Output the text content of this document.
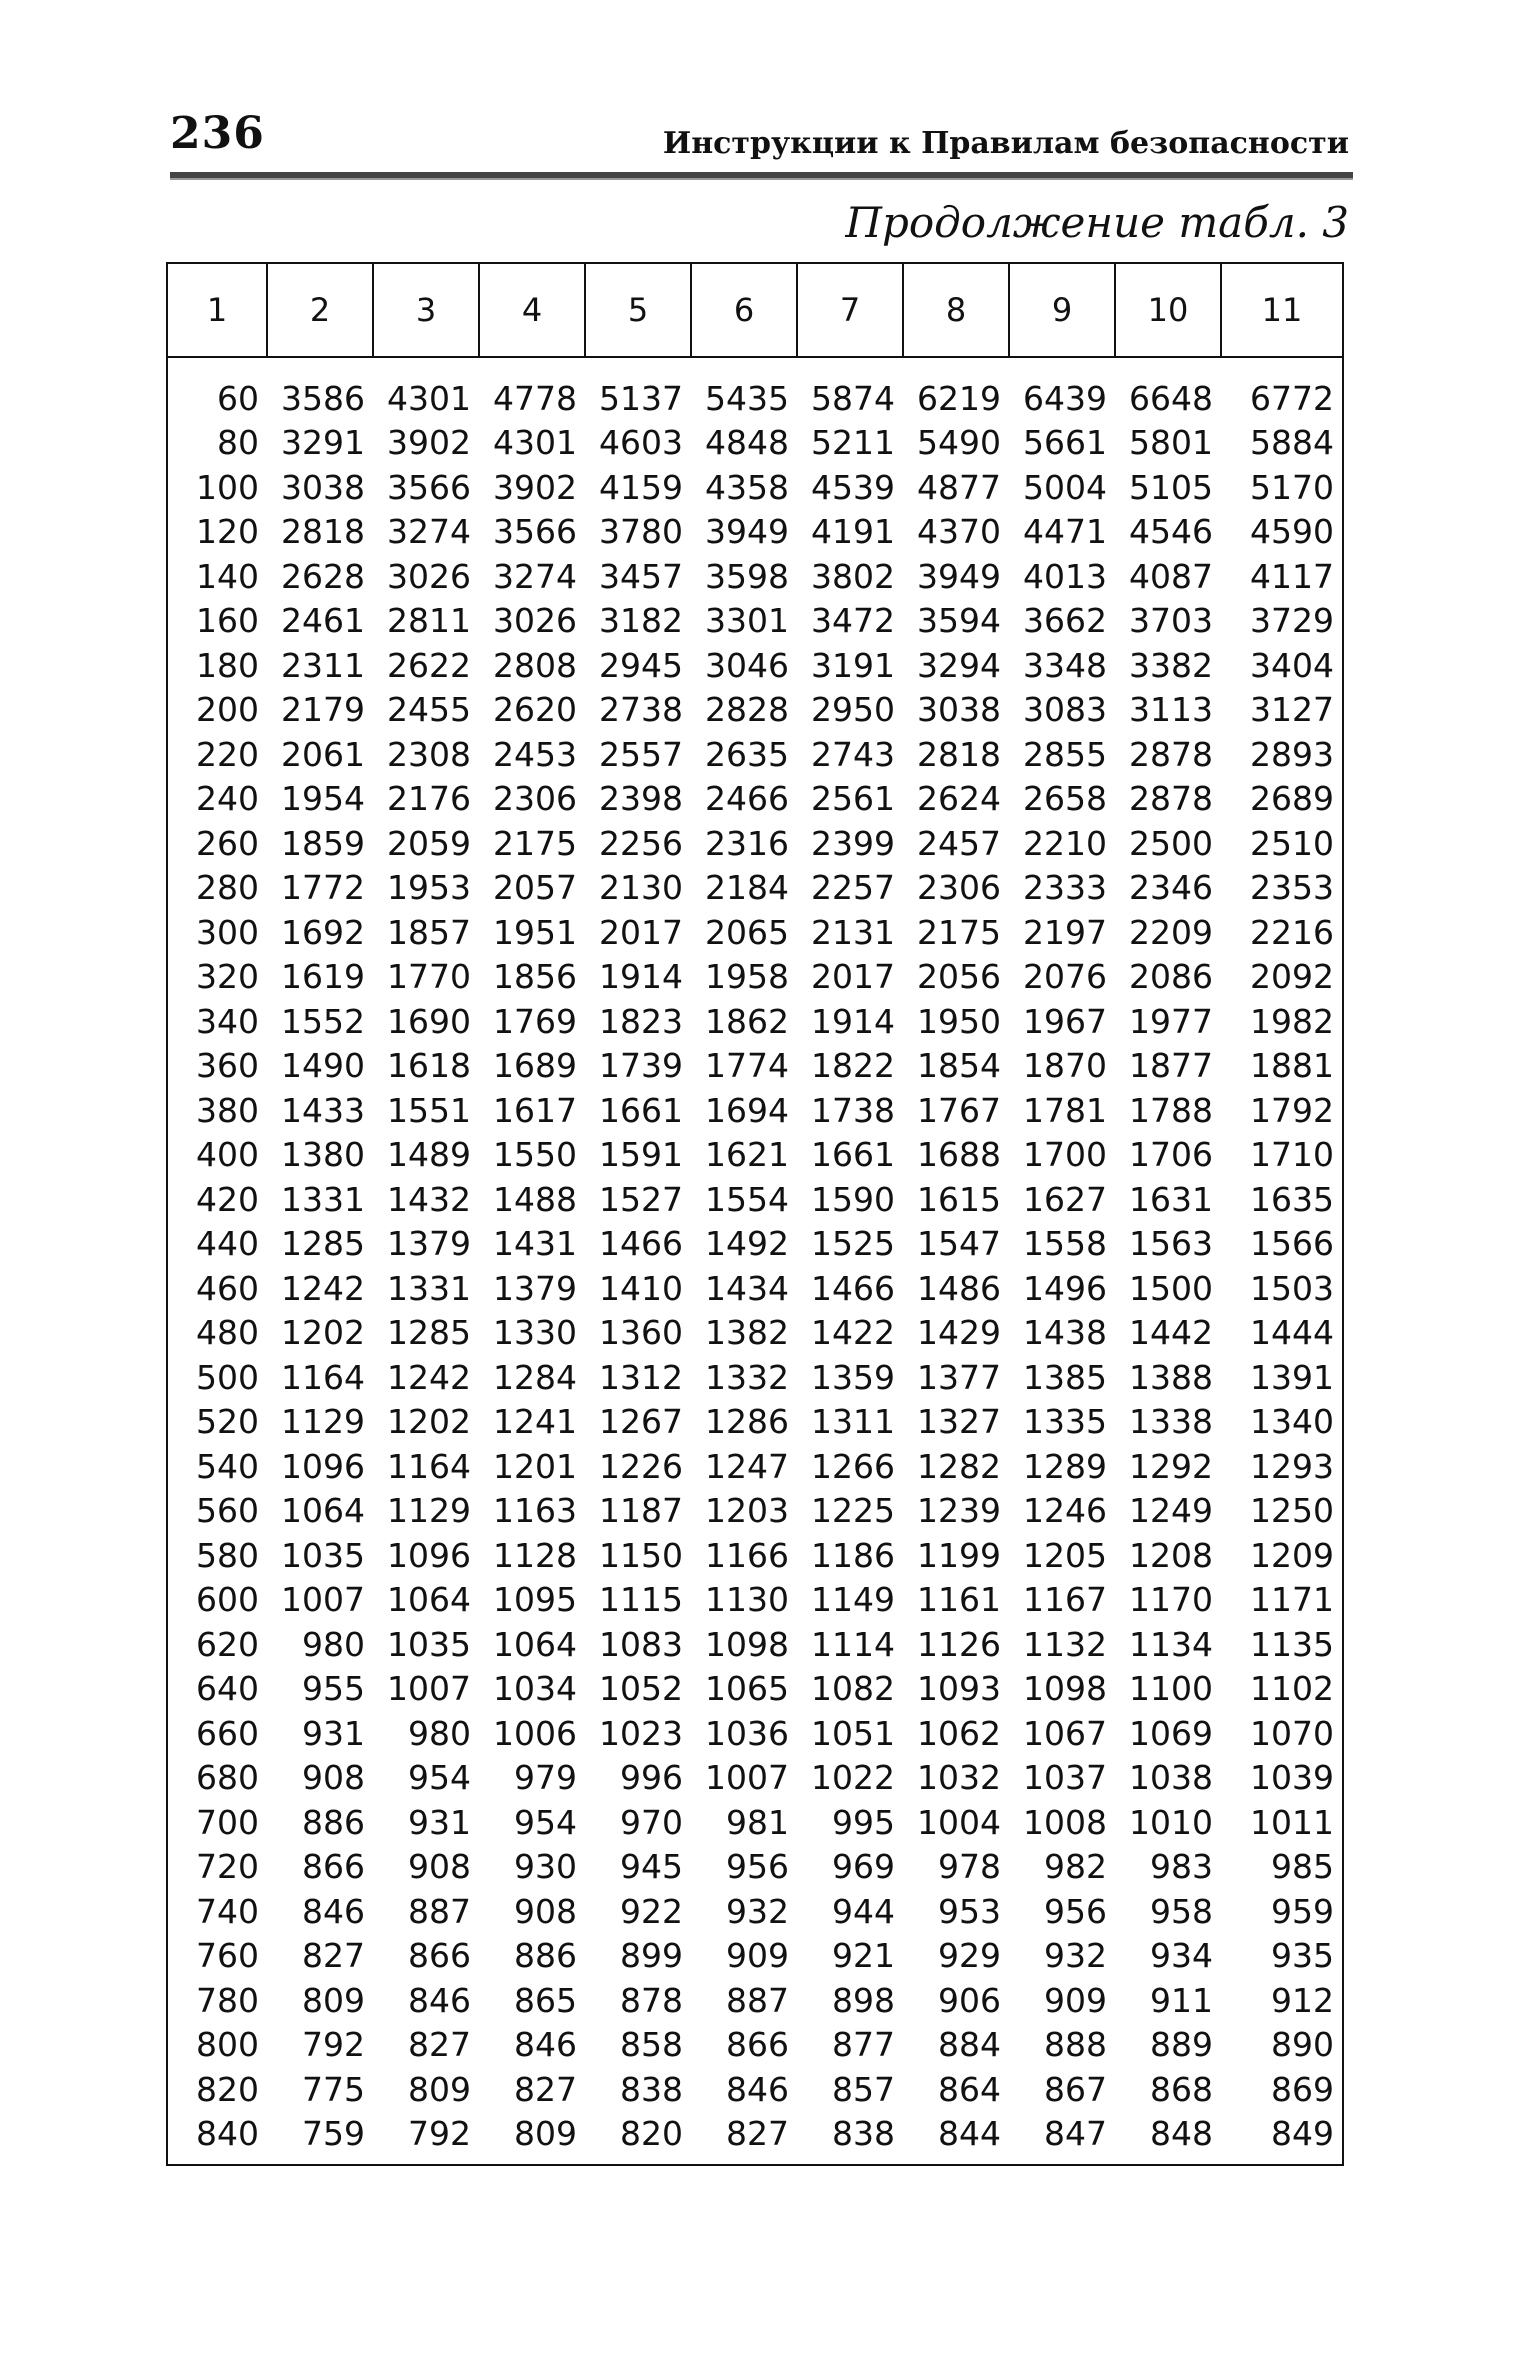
236	Инструкции к Правилам безопасности
Продолжение табл. 3
1	2	3	4	5	6	7	8	9	10	11
60	3586	4301	4778	5137	5435	5874	6219	6439	6648	6772
80	3291	3902	4301	4603	4848	5211	5490	5661	5801	5884
100	3038	3566	3902	4159	4358	4539	4877	5004	5105	5170
120	2818	3274	3566	3780	3949	4191	4370	4471	4546	4590
140	2628	3026	3274	3457	3598	3802	3949	4013	4087	4117
160	2461	2811	3026	3182	3301	3472	3594	3662	3703	3729
180	2311	2622	2808	2945	3046	3191	3294	3348	3382	3404
200	2179	2455	2620	2738	2828	2950	3038	3083	3113	3127
220	2061	2308	2453	2557	2635	2743	2818	2855	2878	2893
240	1954	2176	2306	2398	2466	2561	2624	2658	2878	2689
260	1859	2059	2175	2256	2316	2399	2457	2210	2500	2510
280	1772	1953	2057	2130	2184	2257	2306	2333	2346	2353
300	1692	1857	1951	2017	2065	2131	2175	2197	2209	2216
320	1619	1770	1856	1914	1958	2017	2056	2076	2086	2092
340	1552	1690	1769	1823	1862	1914	1950	1967	1977	1982
360	1490	1618	1689	1739	1774	1822	1854	1870	1877	1881
380	1433	1551	1617	1661	1694	1738	1767	1781	1788	1792
400	1380	1489	1550	1591	1621	1661	1688	1700	1706	1710
420	1331	1432	1488	1527	1554	1590	1615	1627	1631	1635
440	1285	1379	1431	1466	1492	1525	1547	1558	1563	1566
460	1242	1331	1379	1410	1434	1466	1486	1496	1500	1503
480	1202	1285	1330	1360	1382	1422	1429	1438	1442	1444
500	1164	1242	1284	1312	1332	1359	1377	1385	1388	1391
520	1129	1202	1241	1267	1286	1311	1327	1335	1338	1340
540	1096	1164	1201	1226	1247	1266	1282	1289	1292	1293
560	1064	1129	1163	1187	1203	1225	1239	1246	1249	1250
580	1035	1096	1128	1150	1166	1186	1199	1205	1208	1209
600	1007	1064	1095	1115	1130	1149	1161	1167	1170	1171
620	980	1035	1064	1083	1098	1114	1126	1132	1134	1135
640	955	1007	1034	1052	1065	1082	1093	1098	1100	1102
660	931	980	1006	1023	1036	1051	1062	1067	1069	1070
680	908	954	979	996	1007	1022	1032	1037	1038	1039
700	886	931	954	970	981	995	1004	1008	1010	1011
720	866	908	930	945	956	969	978	982	983	985
740	846	887	908	922	932	944	953	956	958	959
760	827	866	886	899	909	921	929	932	934	935
780	809	846	865	878	887	898	906	909	911	912
800	792	827	846	858	866	877	884	888	889	890
820	775	809	827	838	846	857	864	867	868	869
840	759	792	809	820	827	838	844	847	848	849
